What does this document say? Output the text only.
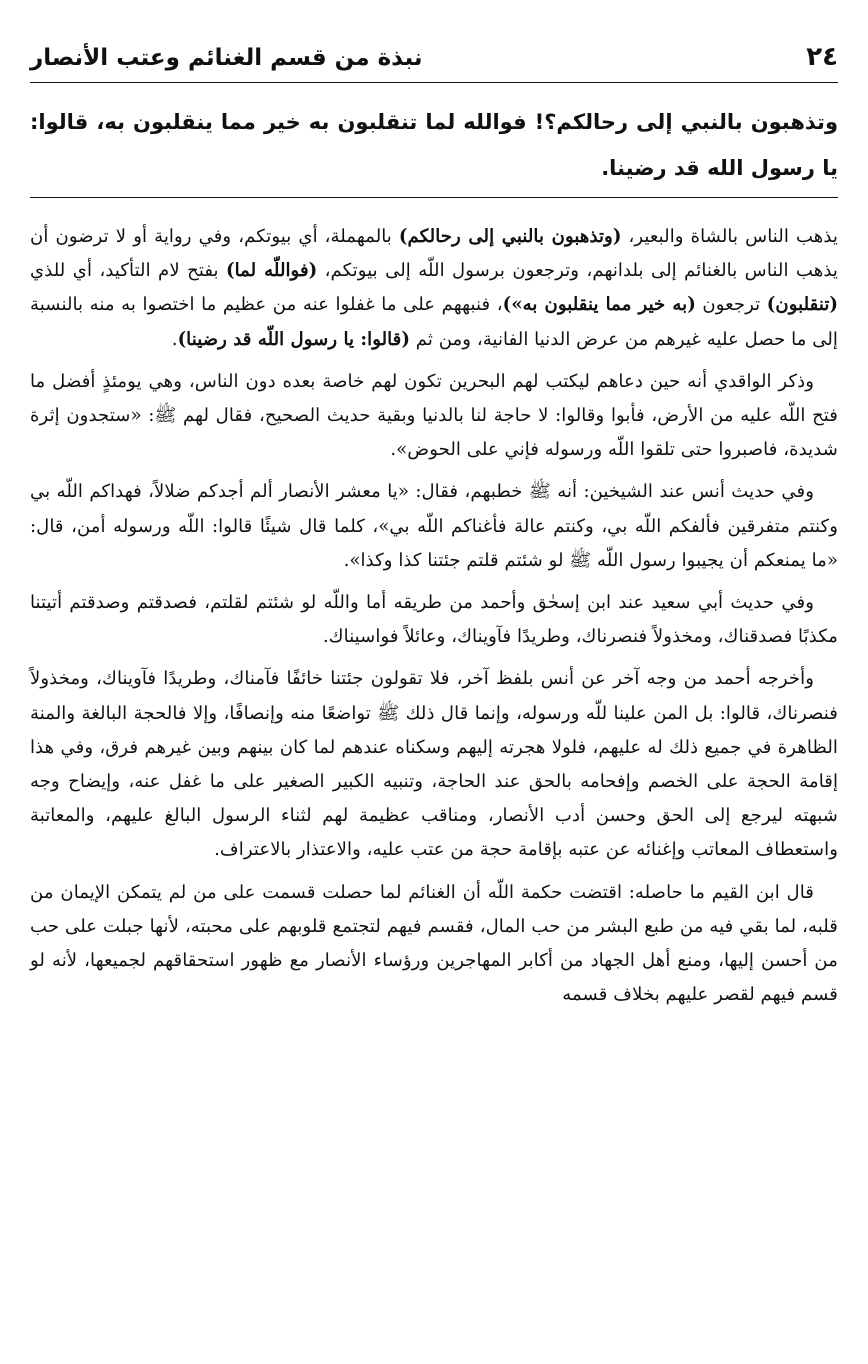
٢٤
نبذة من قسم الغنائم وعتب الأنصار
وتذهبون بالنبي إلى رحالكم؟! فوالله لما تنقلبون به خير مما ينقلبون به، قالوا: يا رسول الله قد رضينا.

يذهب الناس بالشاة والبعير، (وتذهبون بالنبي إلى رحالكم) بالمهملة، أي بيوتكم، وفي رواية أو لا ترضون أن يذهب الناس بالغنائم إلى بلدانهم، وترجعون برسول اللّه إلى بيوتكم، (فواللّه لما) بفتح لام التأكيد، أي للذي (تنقلبون) ترجعون (به خير مما ينقلبون به»)، فنبههم على ما غفلوا عنه من عظيم ما اختصوا به منه بالنسبة إلى ما حصل عليه غيرهم من عرض الدنيا الفانية، ومن ثم (قالوا: يا رسول اللّه قد رضينا).

وذكر الواقدي أنه حين دعاهم ليكتب لهم البحرين تكون لهم خاصة بعده دون الناس، وهي يومئذٍ أفضل ما فتح اللّه عليه من الأرض، فأبوا وقالوا: لا حاجة لنا بالدنيا وبقية حديث الصحيح، فقال لهم ﷺ: «ستجدون إثرة شديدة، فاصبروا حتى تلقوا اللّه ورسوله فإني على الحوض».

وفي حديث أنس عند الشيخين: أنه ﷺ خطبهم، فقال: «يا معشر الأنصار ألم أجدكم ضلالاً، فهداكم اللّه بي وكنتم متفرقين فألفكم اللّه بي، وكنتم عالة فأغناكم اللّه بي»، كلما قال شيئًا قالوا: اللّه ورسوله أمن، قال: «ما يمنعكم أن يجيبوا رسول اللّه ﷺ لو شئتم قلتم جئتنا كذا وكذا».

وفي حديث أبي سعيد عند ابن إسحٰق وأحمد من طريقه أما واللّه لو شئتم لقلتم، فصدقتم وصدقتم أتيتنا مكذبًا فصدقناك، ومخذولاً فنصرناك، وطريدًا فآويناك، وعائلاً فواسيناك.

وأخرجه أحمد من وجه آخر عن أنس بلفظ آخر، فلا تقولون جئتنا خائفًا فآمناك، وطريدًا فآويناك، ومخذولاً فنصرناك، قالوا: بل المن علينا للّه ورسوله، وإنما قال ذلك ﷺ تواضعًا منه وإنصافًا، وإلا فالحجة البالغة والمنة الظاهرة في جميع ذلك له عليهم، فلولا هجرته إليهم وسكناه عندهم لما كان بينهم وبين غيرهم فرق، وفي هذا إقامة الحجة على الخصم وإفحامه بالحق عند الحاجة، وتنبيه الكبير الصغير على ما غفل عنه، وإيضاح وجه شبهته ليرجع إلى الحق وحسن أدب الأنصار، ومناقب عظيمة لهم لثناء الرسول البالغ عليهم، والمعاتبة واستعطاف المعاتب وإغنائه عن عتبه بإقامة حجة من عتب عليه، والاعتذار بالاعتراف.

قال ابن القيم ما حاصله: اقتضت حكمة اللّه أن الغنائم لما حصلت قسمت على من لم يتمكن الإيمان من قلبه، لما بقي فيه من طبع البشر من حب المال، فقسم فيهم لتجتمع قلوبهم على محبته، لأنها جبلت على حب من أحسن إليها، ومنع أهل الجهاد من أكابر المهاجرين ورؤساء الأنصار مع ظهور استحقاقهم لجميعها، لأنه لو قسم فيهم لقصر عليهم بخلاف قسمه
